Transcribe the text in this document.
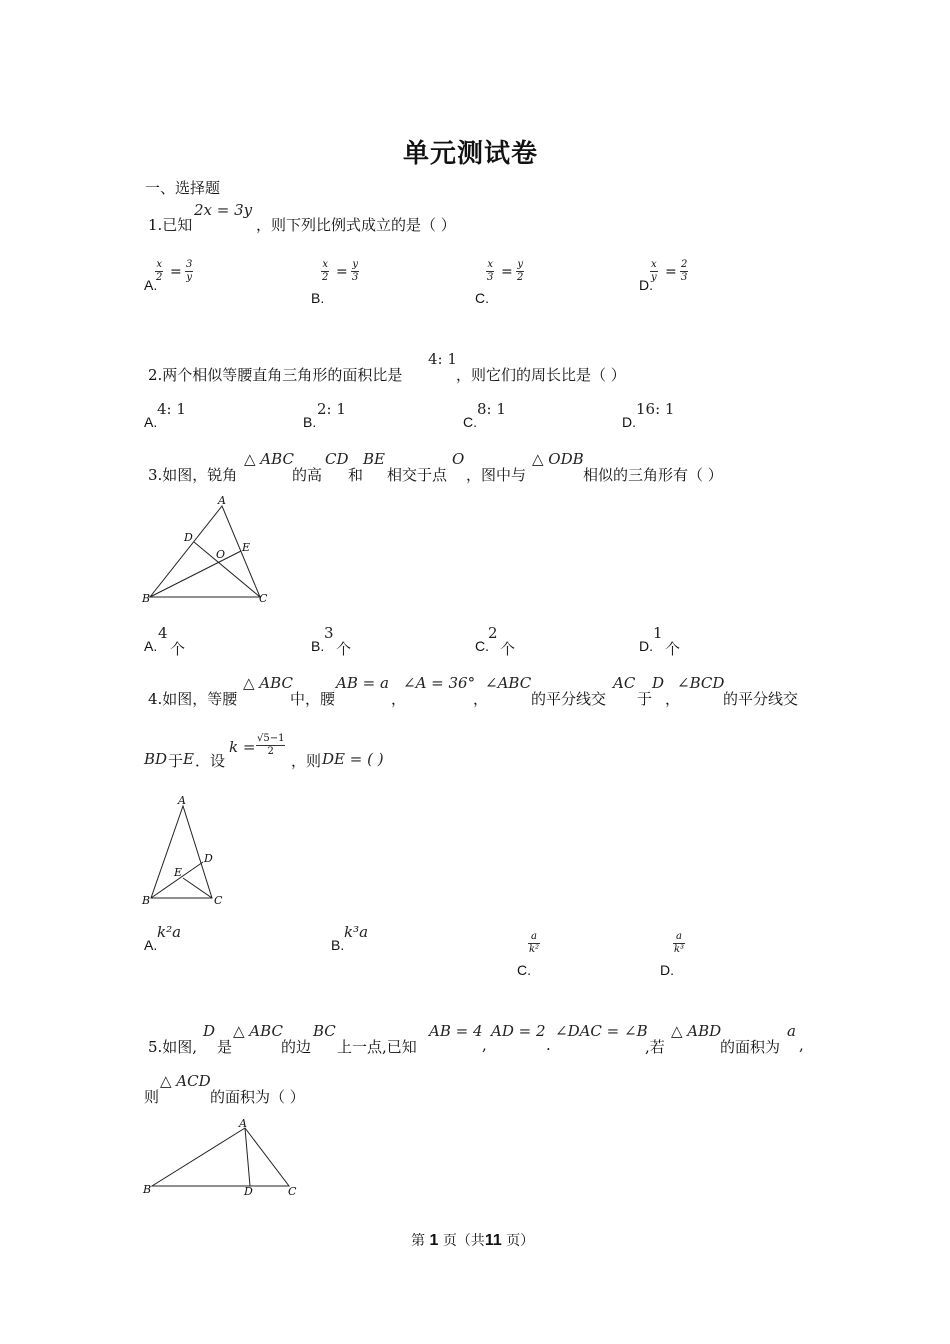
单元测试卷
一、选择题
1.已知
2x = 3y
，则下列比例式成立的是（ ）
A.
$\frac{x}{2} = \frac{3}{y}$
B.
$\frac{x}{2} = \frac{y}{3}$
C.
$\frac{x}{3} = \frac{y}{2}$
D.
$\frac{x}{y} = \frac{2}{3}$
2.两个相似等腰直角三角形的面积比是
4: 1
，则它们的周长比是（ ）
A.
4: 1
B.
2: 1
C.
8: 1
D.
16: 1
3.如图，锐角
△ ABC
的高
CD
和
BE
相交于点
O
，图中与
△ ODB
相似的三角形有（ ）
A
B	C
D
E
O
A.
4
个	B.
3
个	C.
2
个	D.
1
个
4.如图，等腰
△ ABC
中，腰
AB = a
，
∠A = 36°
，
∠ABC
的平分线交
AC
于
D
，
∠BCD
的平分线交
BD 于 E ．设
$k = \frac{√5-1}{2}$
，则 DE = ( )
A
B	C
D
E
A.
k²a
B.
k³a	$\frac{a}{\text{k²}}$
C.
$\frac{a}{\text{k³}}$
D.
5.如图,
D
是
△ ABC
的边
BC
上一点,已知
AB = 4
,
AD = 2
.
∠DAC = ∠B
,若
△ ABD
的面积为
a
,
则
△ ACD
的面积为（ ）
A
B	D	C
第 1 页（共11 页）
